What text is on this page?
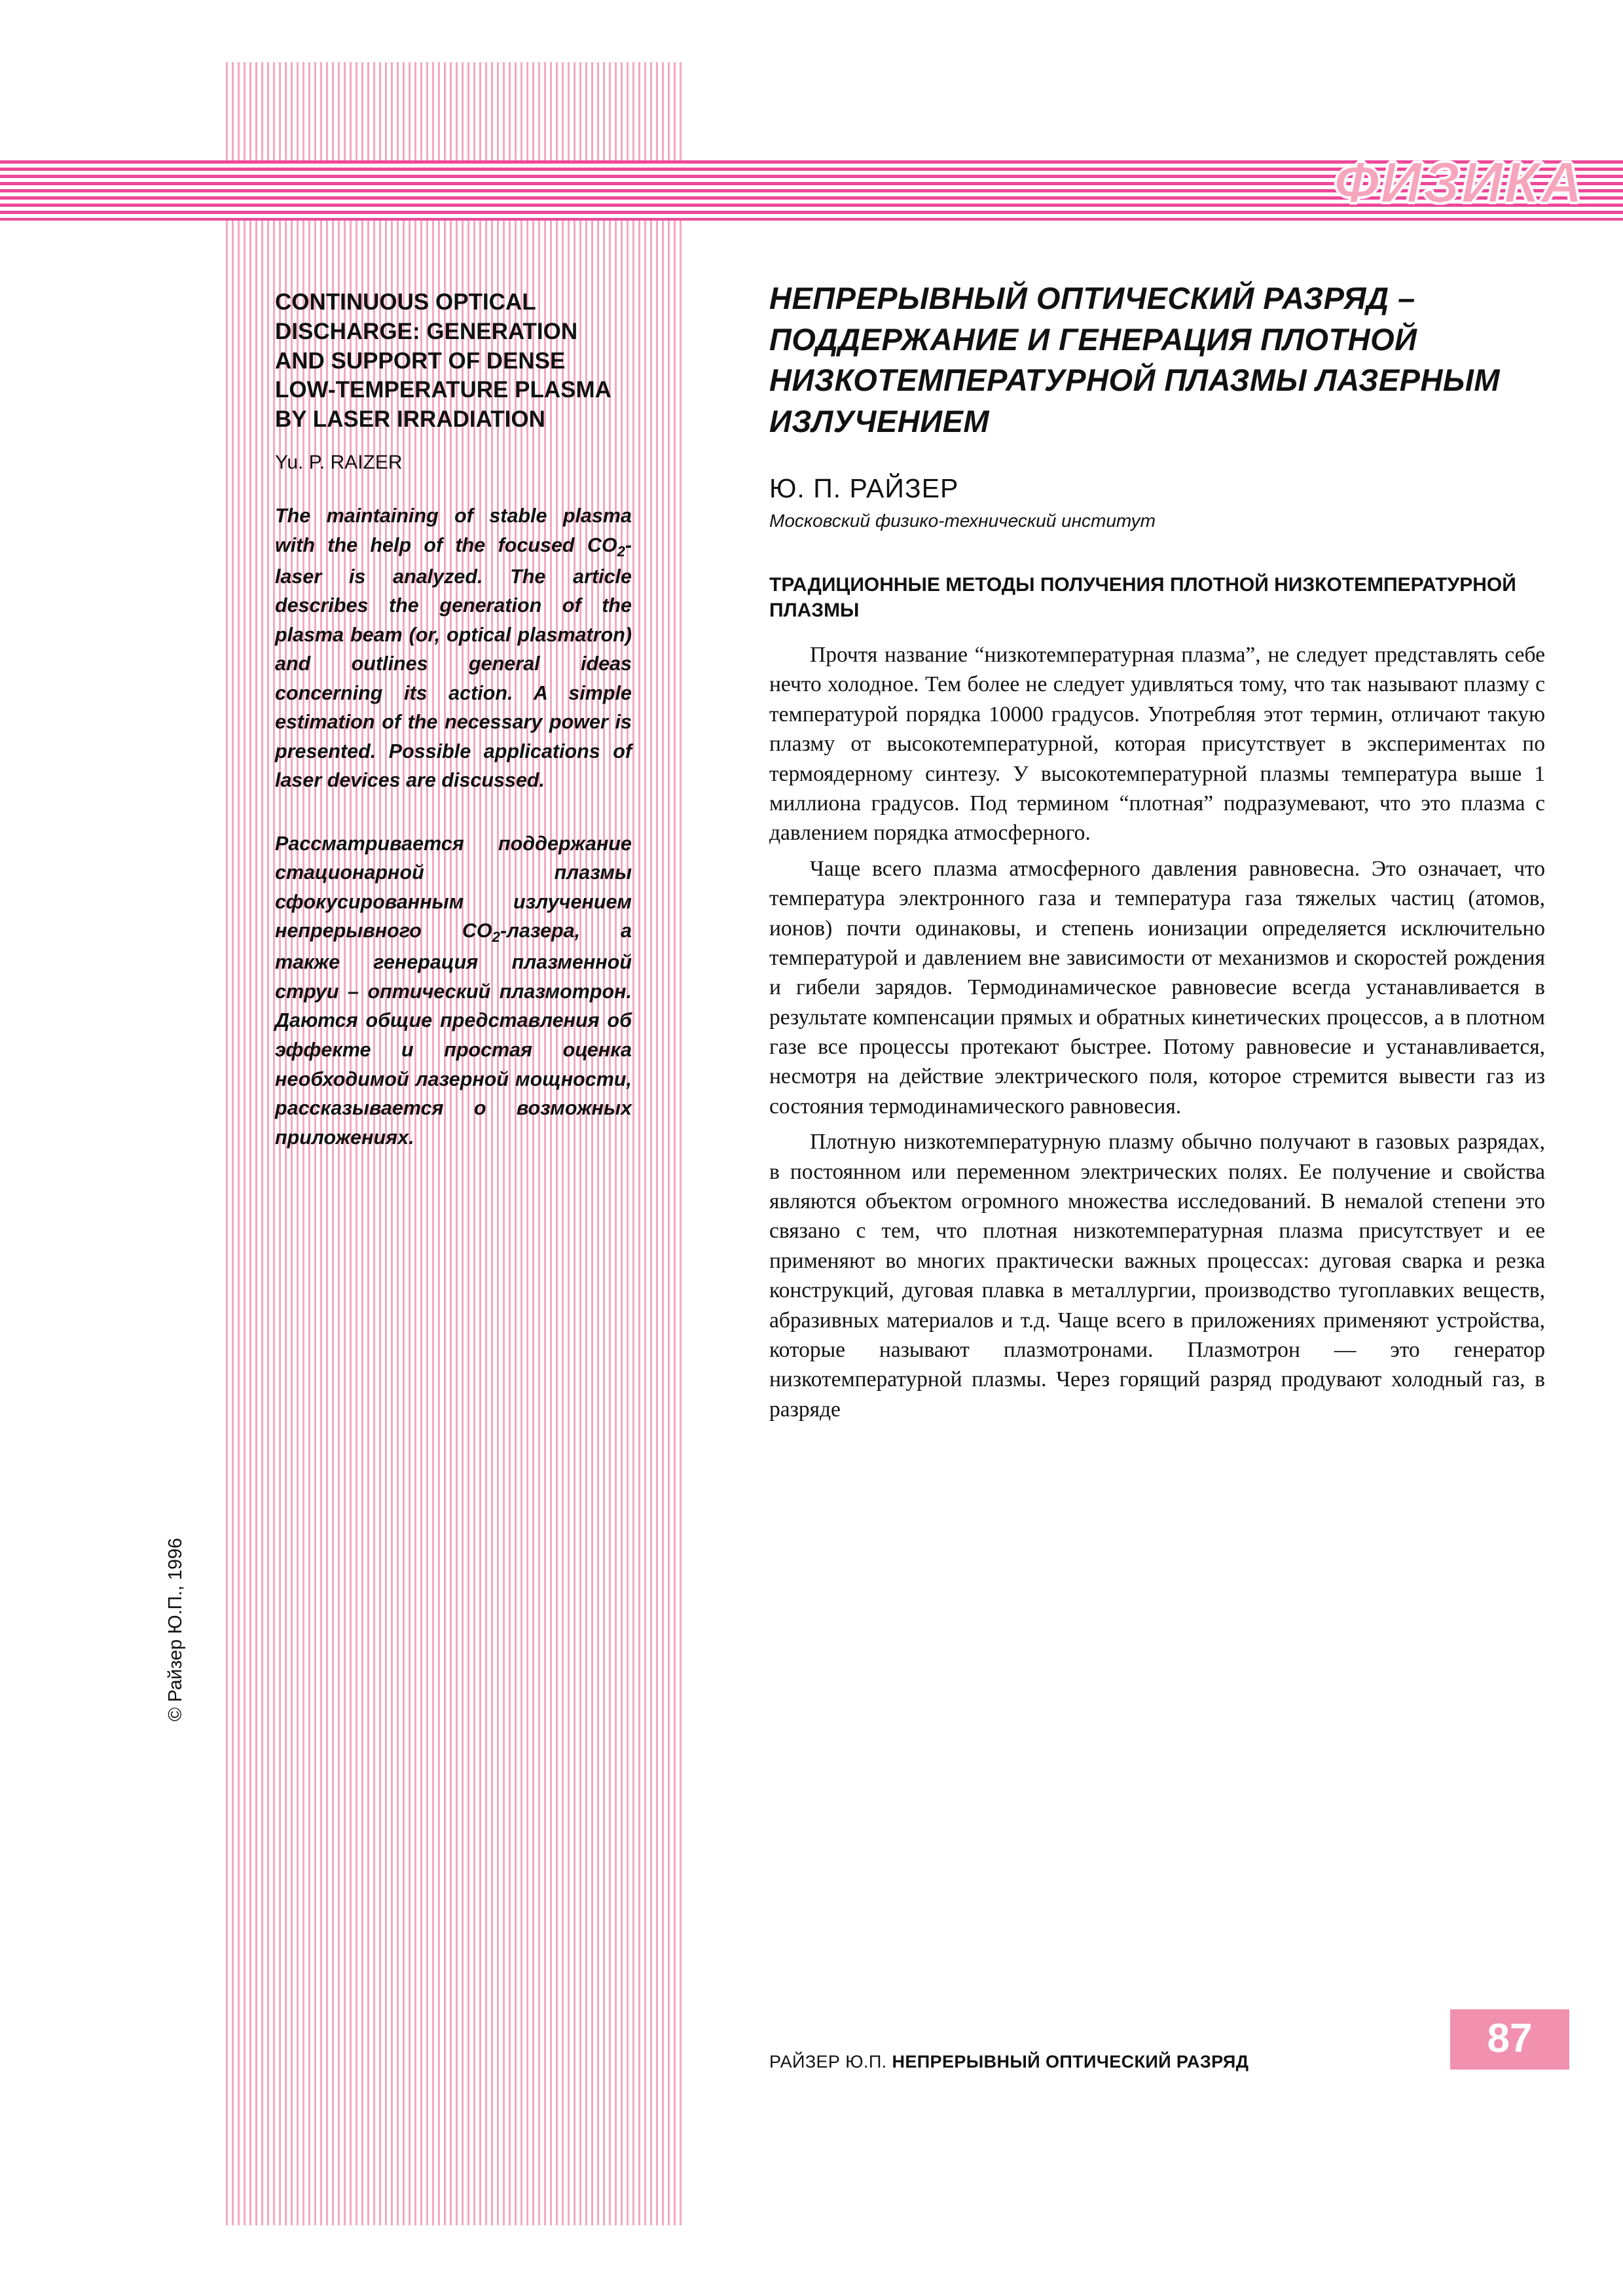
ФИЗИКА
CONTINUOUS OPTICAL DISCHARGE: GENERATION AND SUPPORT OF DENSE LOW-TEMPERATURE PLASMA BY LASER IRRADIATION
Yu. P. RAIZER

The maintaining of stable plasma with the help of the focused $CO_2$-laser is analyzed. The article describes the generation of the plasma beam (or, optical plasmatron) and outlines general ideas concerning its action. A simple estimation of the necessary power is presented. Possible applications of laser devices are discussed.

Рассматривается поддержание стационарной плазмы сфокусированным излучением непрерывного $CO_2$-лазера, а также генерация плазменной струи – оптический плазмотрон. Даются общие представления об эффекте и простая оценка необходимой лазерной мощности, рассказывается о возможных приложениях.

© Райзер Ю.П., 1996
НЕПРЕРЫВНЫЙ ОПТИЧЕСКИЙ РАЗРЯД – ПОДДЕРЖАНИЕ И ГЕНЕРАЦИЯ ПЛОТНОЙ НИЗКОТЕМПЕРАТУРНОЙ ПЛАЗМЫ ЛАЗЕРНЫМ ИЗЛУЧЕНИЕМ
Ю. П. РАЙЗЕР
Московский физико-технический институт
ТРАДИЦИОННЫЕ МЕТОДЫ ПОЛУЧЕНИЯ ПЛОТНОЙ НИЗКОТЕМПЕРАТУРНОЙ ПЛАЗМЫ

Прочтя название “низкотемпературная плазма”, не следует представлять себе нечто холодное. Тем более не следует удивляться тому, что так называют плазму с температурой порядка 10000 градусов. Употребляя этот термин, отличают такую плазму от высокотемпературной, которая присутствует в экспериментах по термоядерному синтезу. У высокотемпературной плазмы температура выше 1 миллиона градусов. Под термином “плотная” подразумевают, что это плазма с давлением порядка атмосферного.

Чаще всего плазма атмосферного давления равновесна. Это означает, что температура электронного газа и температура газа тяжелых частиц (атомов, ионов) почти одинаковы, и степень ионизации определяется исключительно температурой и давлением вне зависимости от механизмов и скоростей рождения и гибели зарядов. Термодинамическое равновесие всегда устанавливается в результате компенсации прямых и обратных кинетических процессов, а в плотном газе все процессы протекают быстрее. Потому равновесие и устанавливается, несмотря на действие электрического поля, которое стремится вывести газ из состояния термодинамического равновесия.

Плотную низкотемпературную плазму обычно получают в газовых разрядах, в постоянном или переменном электрических полях. Ее получение и свойства являются объектом огромного множества исследований. В немалой степени это связано с тем, что плотная низкотемпературная плазма присутствует и ее применяют во многих практически важных процессах: дуговая сварка и резка конструкций, дуговая плавка в металлургии, производство тугоплавких веществ, абразивных материалов и т.д. Чаще всего в приложениях применяют устройства, которые называют плазмотронами. Плазмотрон — это генератор низкотемпературной плазмы. Через горящий разряд продувают холодный газ, в разряде

РАЙЗЕР Ю.П. НЕПРЕРЫВНЫЙ ОПТИЧЕСКИЙ РАЗРЯД
87
